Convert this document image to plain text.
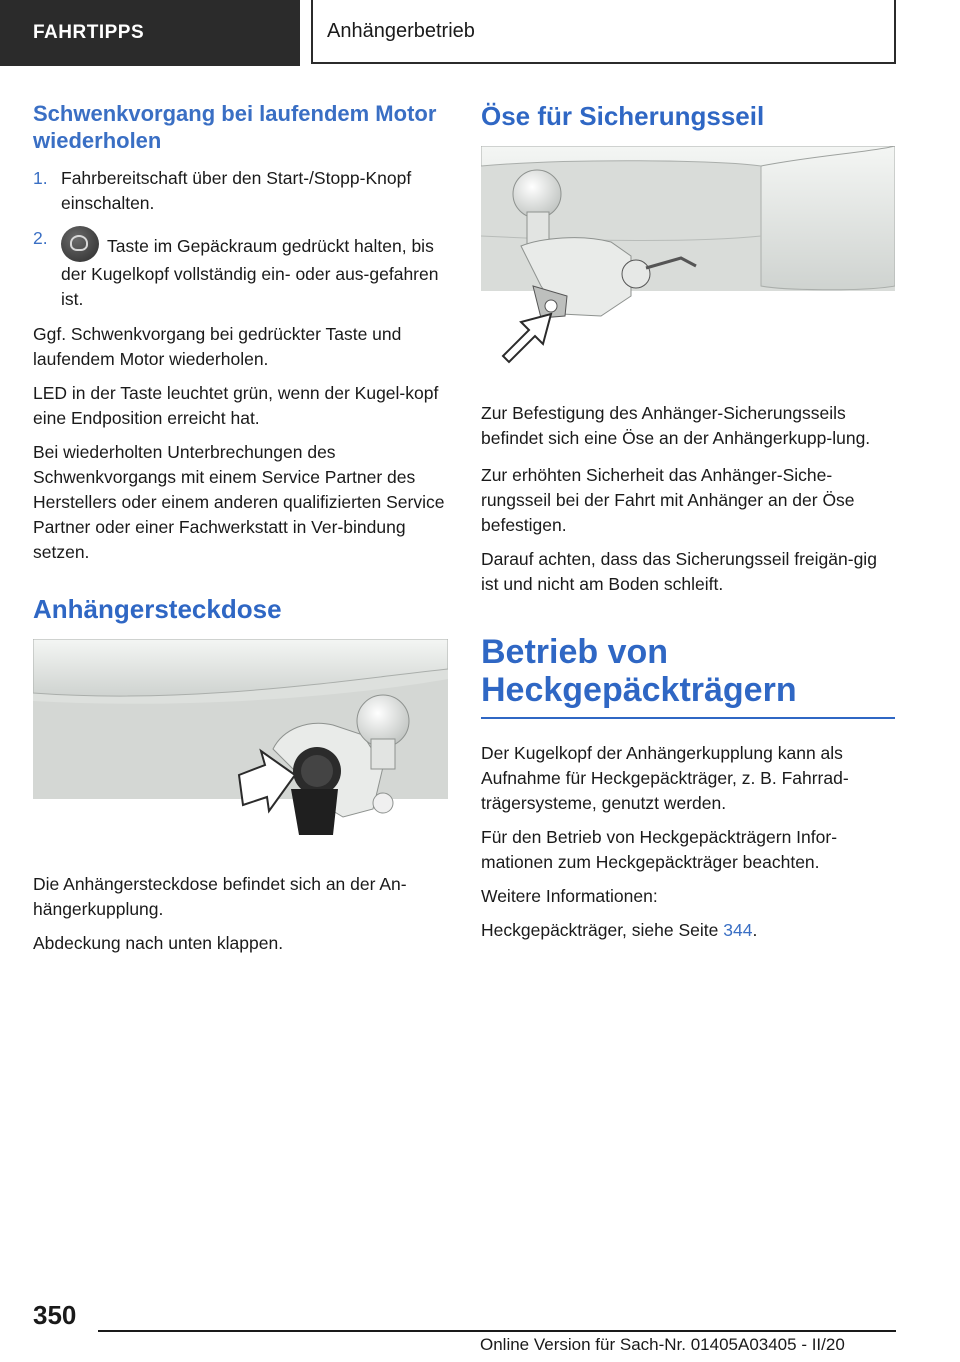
FAHRTIPPS	Anhängerbetrieb
Schwenkvorgang bei laufendem Motor wiederholen
1. Fahrbereitschaft über den Start-/Stopp-Knopf einschalten.
2.	Taste im Gepäckraum gedrückt halten, bis der Kugelkopf vollständig ein- oder aus-gefahren ist.

Ggf. Schwenkvorgang bei gedrückter Taste und laufendem Motor wiederholen.

LED in der Taste leuchtet grün, wenn der Kugel-kopf eine Endposition erreicht hat.

Bei wiederholten Unterbrechungen des Schwenkvorgangs mit einem Service Partner des Herstellers oder einem anderen qualifizierten Service Partner oder einer Fachwerkstatt in Ver-bindung setzen.

Anhängersteckdose

Die Anhängersteckdose befindet sich an der An-hängerkupplung.

Abdeckung nach unten klappen.

Öse für Sicherungsseil

Zur Befestigung des Anhänger-Sicherungsseils befindet sich eine Öse an der Anhängerkupp-lung.

Zur erhöhten Sicherheit das Anhänger-Siche-rungsseil bei der Fahrt mit Anhänger an der Öse befestigen.

Darauf achten, dass das Sicherungsseil freigän-gig ist und nicht am Boden schleift.

Betrieb von Heckgepäckträgern

Der Kugelkopf der Anhängerkupplung kann als Aufnahme für Heckgepäckträger, z. B. Fahrrad-trägersysteme, genutzt werden.

Für den Betrieb von Heckgepäckträgern Infor-mationen zum Heckgepäckträger beachten.

Weitere Informationen:

Heckgepäckträger, siehe Seite 344.

350
Online Version für Sach-Nr. 01405A03405 - II/20
